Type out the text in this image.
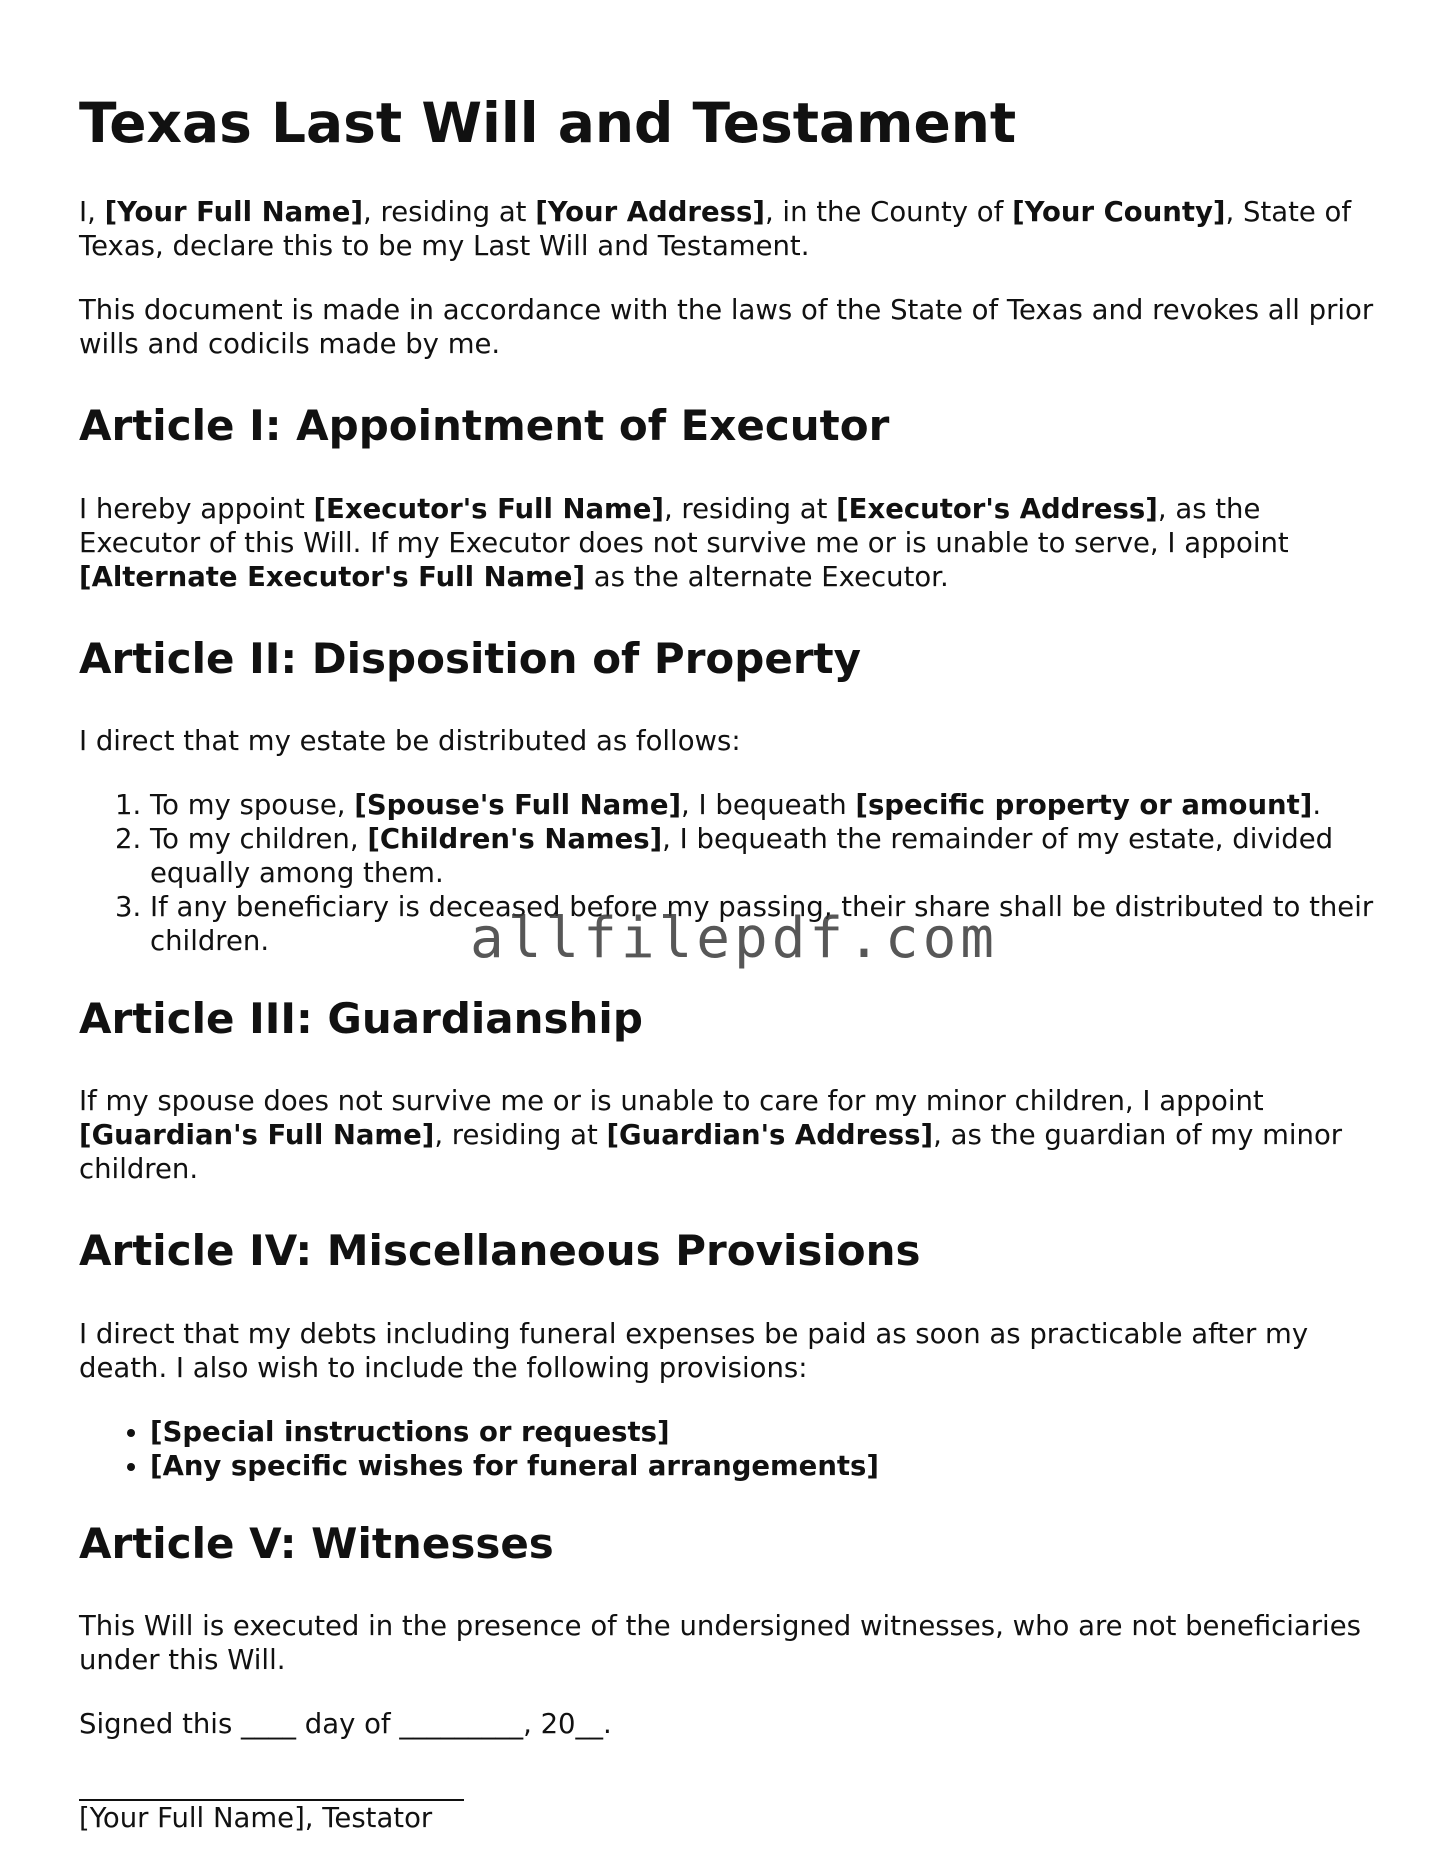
Texas Last Will and Testament

I, [Your Full Name], residing at [Your Address], in the County of [Your County], State of Texas, declare this to be my Last Will and Testament.

This document is made in accordance with the laws of the State of Texas and revokes all prior wills and codicils made by me.

Article I: Appointment of Executor

I hereby appoint [Executor's Full Name], residing at [Executor's Address], as the Executor of this Will. If my Executor does not survive me or is unable to serve, I appoint [Alternate Executor's Full Name] as the alternate Executor.

Article II: Disposition of Property

I direct that my estate be distributed as follows:

1. To my spouse, [Spouse's Full Name], I bequeath [specific property or amount].
2. To my children, [Children's Names], I bequeath the remainder of my estate, divided equally among them.
3. If any beneficiary is deceased before my passing, their share shall be distributed to their children.
Article III: Guardianship

If my spouse does not survive me or is unable to care for my minor children, I appoint [Guardian's Full Name], residing at [Guardian's Address], as the guardian of my minor children.

Article IV: Miscellaneous Provisions

I direct that my debts including funeral expenses be paid as soon as practicable after my death. I also wish to include the following provisions:

• [Special instructions or requests]
• [Any specific wishes for funeral arrangements]
Article V: Witnesses

This Will is executed in the presence of the undersigned witnesses, who are not beneficiaries under this Will.

Signed this ____ day of _________, 20__.

[Your Full Name], Testator
allfilepdf.com
